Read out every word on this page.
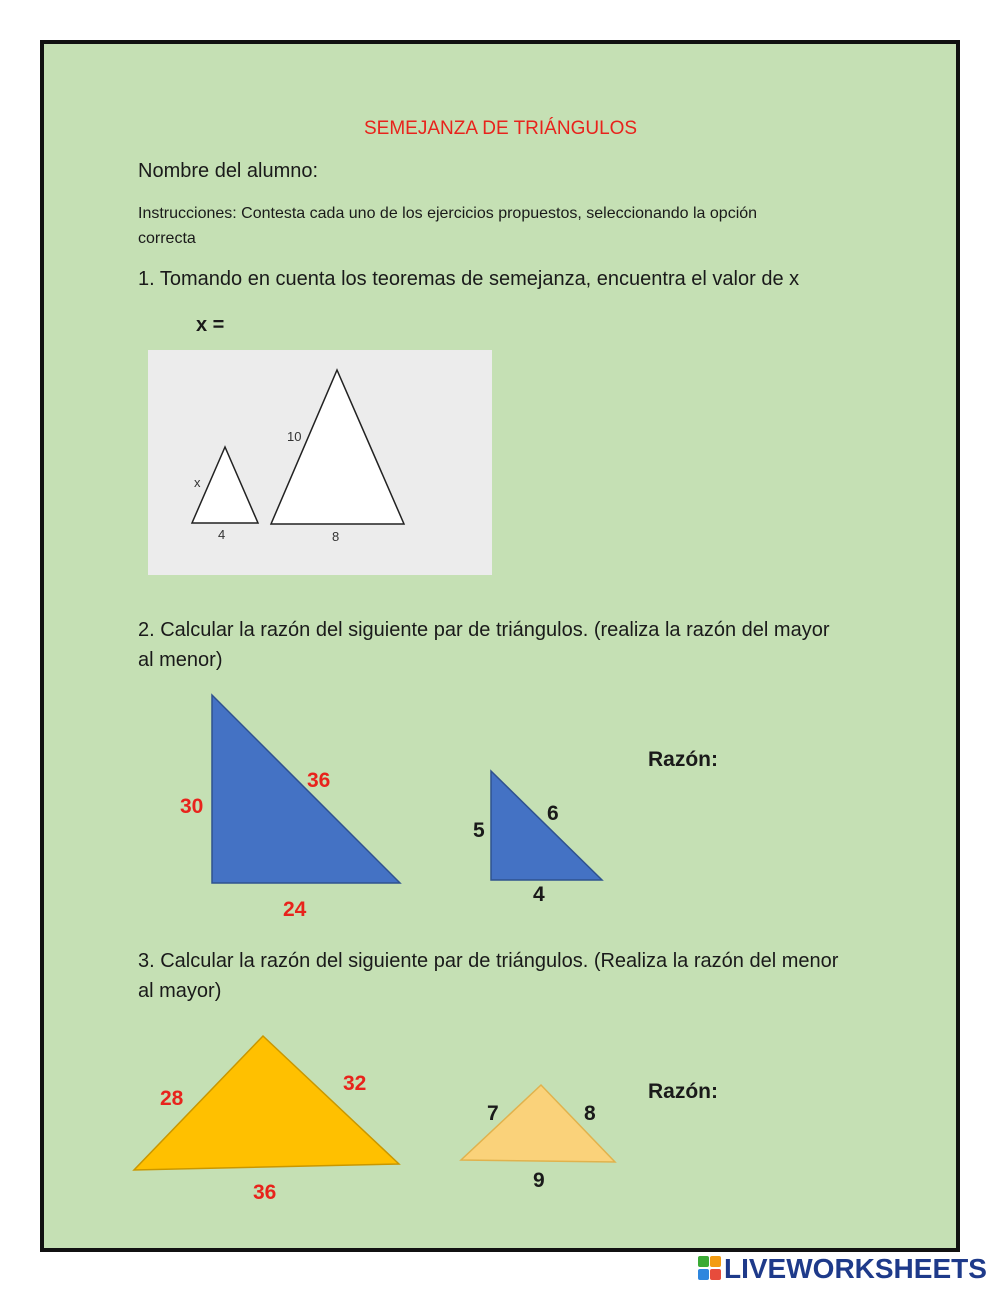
SEMEJANZA DE TRIÁNGULOS
Nombre del alumno:
Instrucciones: Contesta cada uno de los ejercicios propuestos, seleccionando la opción
correcta
1. Tomando en cuenta los teoremas de semejanza, encuentra el valor de x
x =
x
4
10
8
2. Calcular la razón del siguiente par de triángulos. (realiza la razón del mayor
al menor)
30
36
24
5
6
4
Razón:
28
32
36
7	8
9
Razón:
3. Calcular la razón del siguiente par de triángulos. (Realiza la razón del menor
al mayor)
LIVEWORKSHEETS
